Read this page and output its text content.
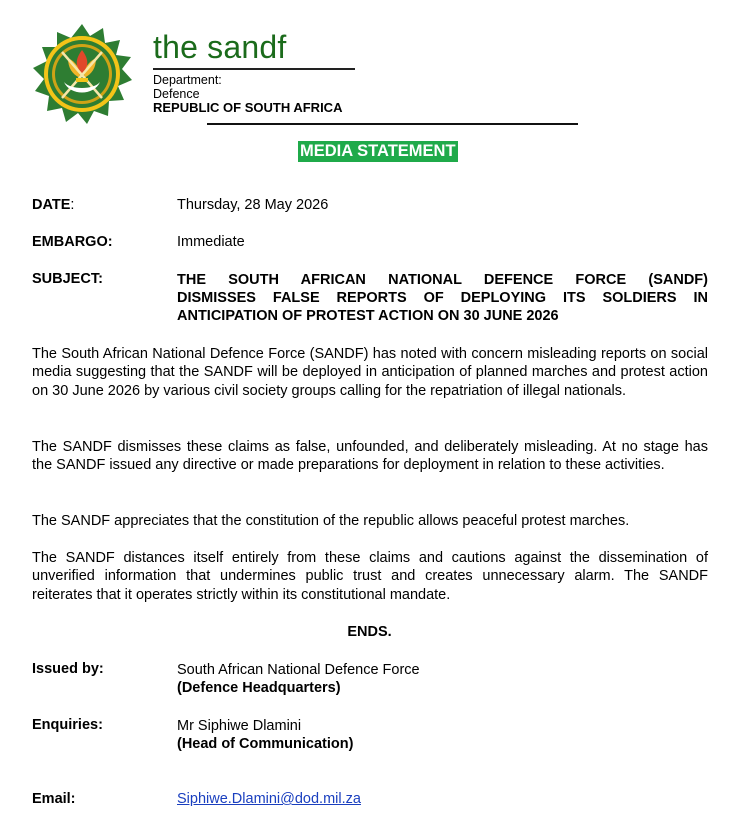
the sandf
Department:
Defence
REPUBLIC OF SOUTH AFRICA
MEDIA STATEMENT
DATE:	Thursday, 28 May 2026
EMBARGO:	Immediate
SUBJECT:	THE SOUTH AFRICAN NATIONAL DEFENCE FORCE (SANDF)
DISMISSES FALSE REPORTS OF DEPLOYING ITS SOLDIERS IN
ANTICIPATION OF PROTEST ACTION ON 30 JUNE 2026

The South African National Defence Force (SANDF) has noted with concern misleading reports on social media suggesting that the SANDF will be deployed in anticipation of planned marches and protest action on 30 June 2026 by various civil society groups calling for the repatriation of illegal nationals.

The SANDF dismisses these claims as false, unfounded, and deliberately misleading. At no stage has the SANDF issued any directive or made preparations for deployment in relation to these activities.

The SANDF appreciates that the constitution of the republic allows peaceful protest marches.

The SANDF distances itself entirely from these claims and cautions against the dissemination of unverified information that undermines public trust and creates unnecessary alarm. The SANDF reiterates that it operates strictly within its constitutional mandate.

ENDS.
Issued by:	South African National Defence Force
(Defence Headquarters)
Enquiries:	Mr Siphiwe Dlamini
(Head of Communication)
Email:	Siphiwe.Dlamini@dod.mil.za
